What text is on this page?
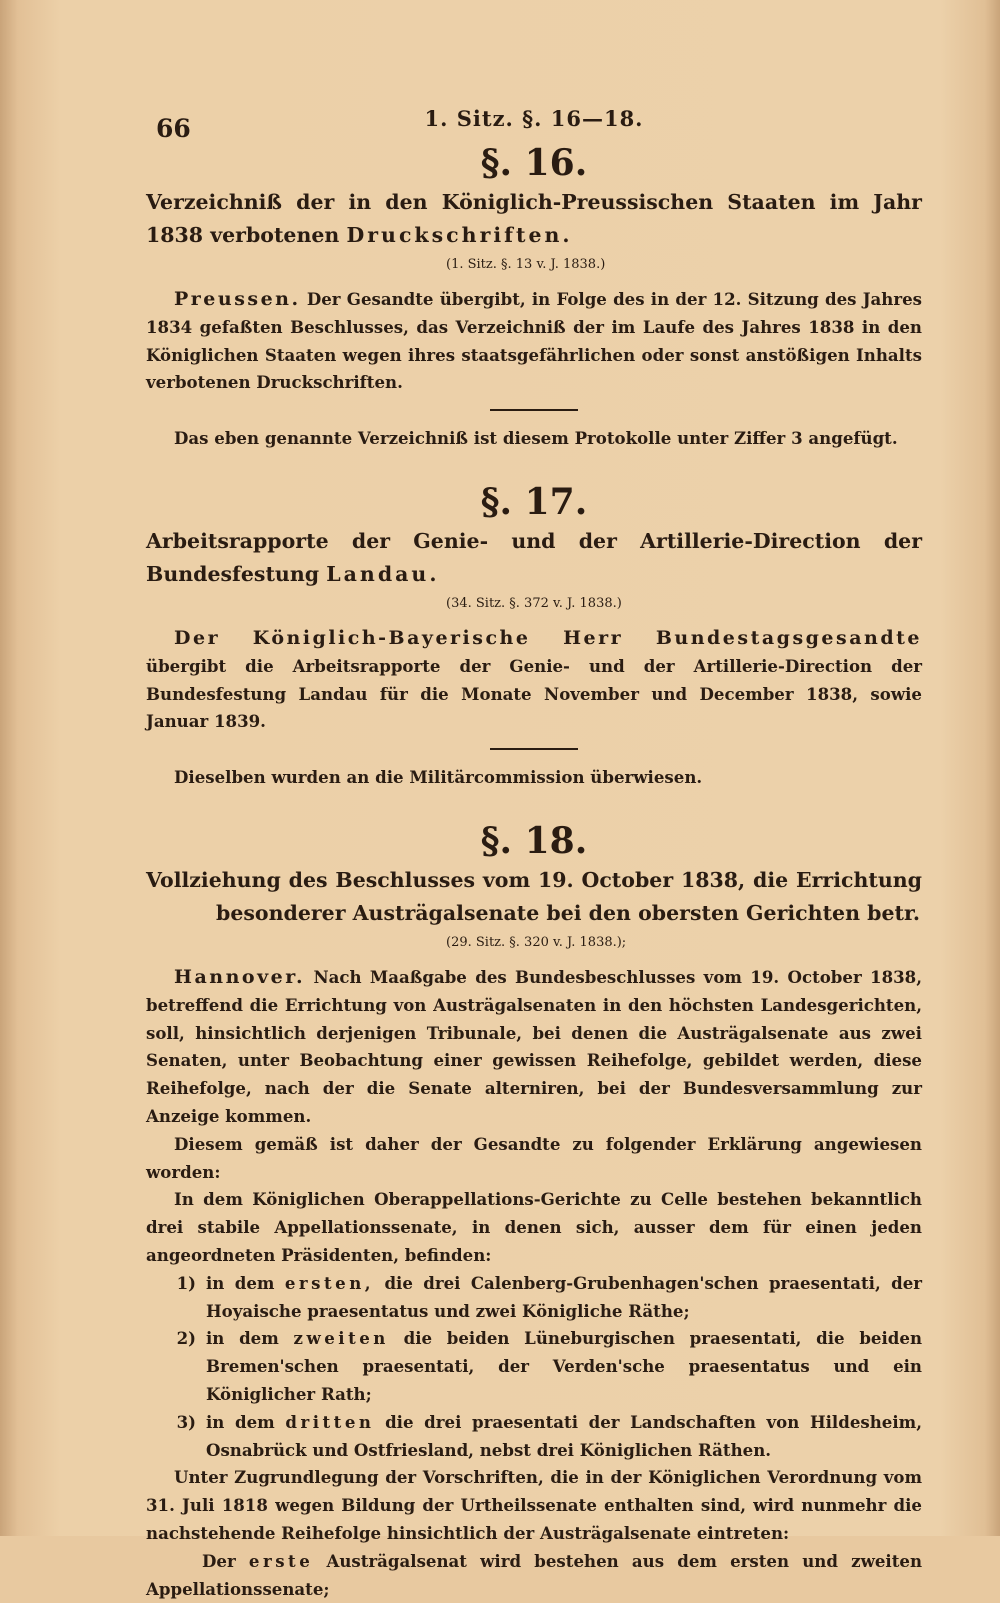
66	1. Sitz. §. 16—18.
§. 16.

Verzeichniß der in den Königlich-Preussischen Staaten im Jahr 1838 verbotenen Druckschriften.

(1. Sitz. §. 13 v. J. 1838.)

Preussen. Der Gesandte übergibt, in Folge des in der 12. Sitzung des Jahres 1834 gefaßten Beschlusses, das Verzeichniß der im Laufe des Jahres 1838 in den Königlichen Staaten wegen ihres staatsgefährlichen oder sonst anstößigen Inhalts verbotenen Druckschriften.

Das eben genannte Verzeichniß ist diesem Protokolle unter Ziffer 3 angefügt.

§. 17.

Arbeitsrapporte der Genie- und der Artillerie-Direction der Bundesfestung Landau.

(34. Sitz. §. 372 v. J. 1838.)

Der Königlich-Bayerische Herr Bundestagsgesandte übergibt die Arbeitsrapporte der Genie- und der Artillerie-Direction der Bundesfestung Landau für die Monate November und December 1838, sowie Januar 1839.

Dieselben wurden an die Militärcommission überwiesen.

§. 18.

Vollziehung des Beschlusses vom 19. October 1838, die Errichtung besonderer Austrägalsenate bei den obersten Gerichten betr.

(29. Sitz. §. 320 v. J. 1838.);

Hannover. Nach Maaßgabe des Bundesbeschlusses vom 19. October 1838, betreffend die Errichtung von Austrägalsenaten in den höchsten Landesgerichten, soll, hinsichtlich derjenigen Tribunale, bei denen die Austrägalsenate aus zwei Senaten, unter Beobachtung einer gewissen Reihefolge, gebildet werden, diese Reihefolge, nach der die Senate alterniren, bei der Bundesversammlung zur Anzeige kommen.

Diesem gemäß ist daher der Gesandte zu folgender Erklärung angewiesen worden:

In dem Königlichen Oberappellations-Gerichte zu Celle bestehen bekanntlich drei stabile Appellationssenate, in denen sich, ausser dem für einen jeden angeordneten Präsidenten, befinden:

1) in dem ersten, die drei Calenberg-Grubenhagen'schen praesentati, der Hoyaische praesentatus und zwei Königliche Räthe;
2) in dem zweiten die beiden Lüneburgischen praesentati, die beiden Bremen'schen praesentati, der Verden'sche praesentatus und ein Königlicher Rath;
3) in dem dritten die drei praesentati der Landschaften von Hildesheim, Osnabrück und Ostfriesland, nebst drei Königlichen Räthen.

Unter Zugrundlegung der Vorschriften, die in der Königlichen Verordnung vom 31. Juli 1818 wegen Bildung der Urtheilssenate enthalten sind, wird nunmehr die nachstehende Reihefolge hinsichtlich der Austrägalsenate eintreten:

Der erste Austrägalsenat wird bestehen aus dem ersten und zweiten Appellationssenate;
